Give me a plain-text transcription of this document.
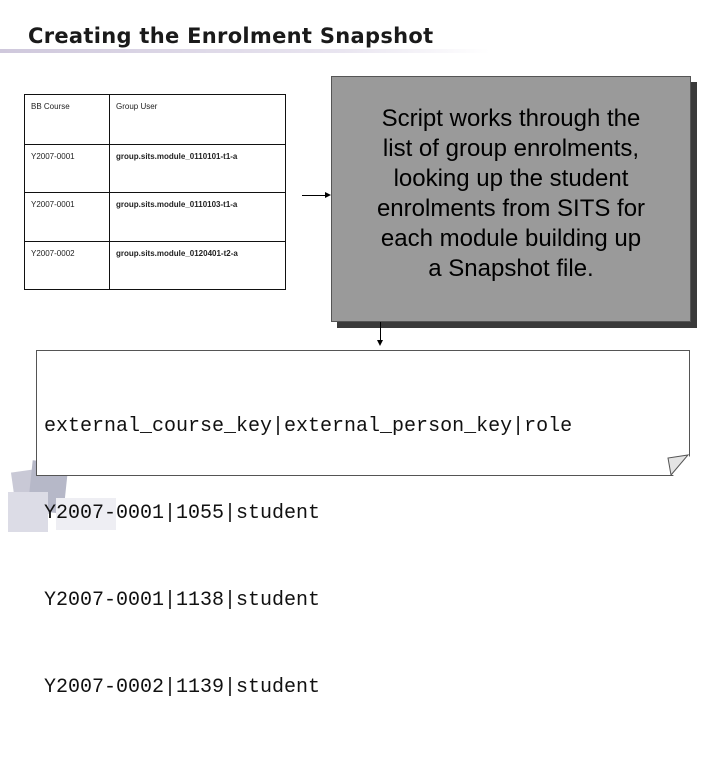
Creating the Enrolment Snapshot
BB Course	Group User
Y2007-0001	group.sits.module_0110101-t1-a
Y2007-0001	group.sits.module_0110103-t1-a
Y2007-0002	group.sits.module_0120401-t2-a
Script works through the
list of group enrolments,
looking up the student
enrolments from SITS for
each module building up
a Snapshot file.

external_course_key|external_person_key|role

Y2007-0001|1055|student

Y2007-0001|1138|student

Y2007-0002|1139|student
